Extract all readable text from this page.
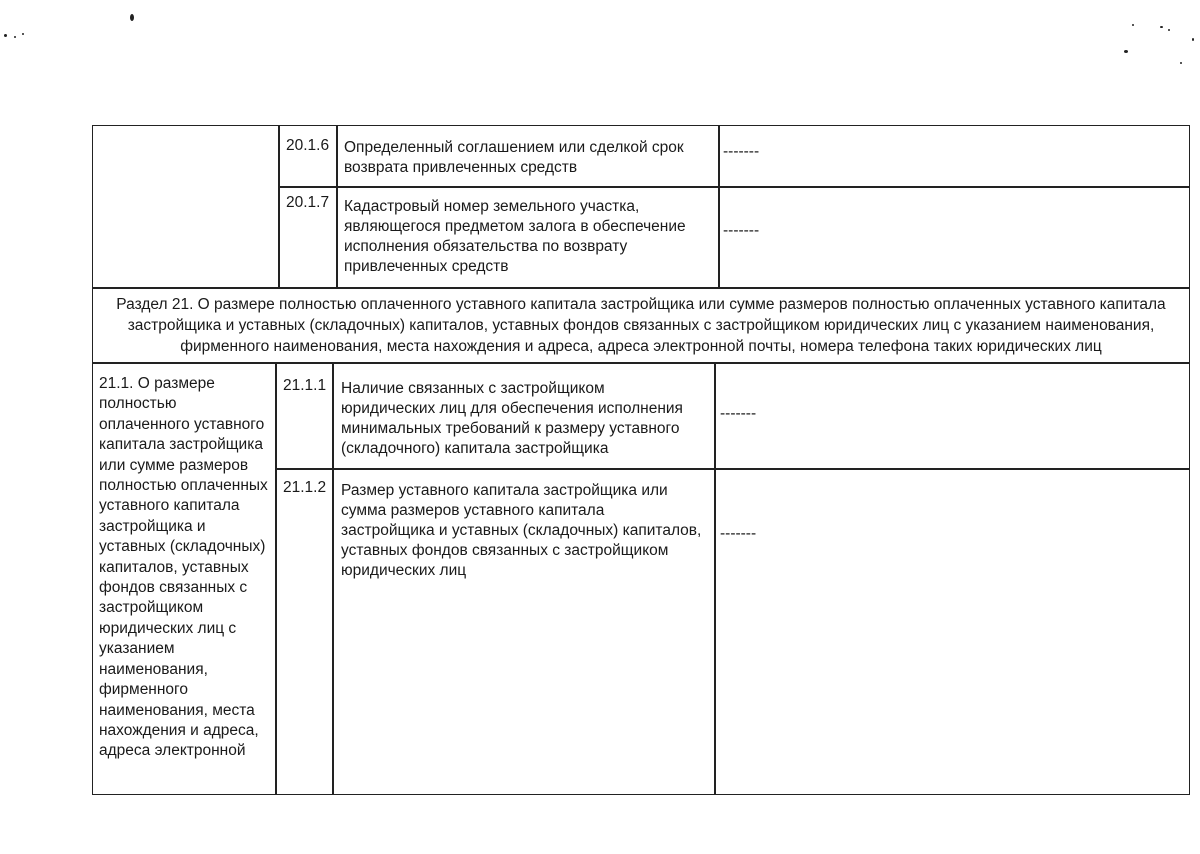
20.1.6 Определенный соглашением или сделкой срок
возврата привлеченных средств
-------
20.1.7 Кадастровый номер земельного участка,
являющегося предметом залога в обеспечение
исполнения обязательства по возврату
привлеченных средств
-------
Раздел 21. О размере полностью оплаченного уставного капитала застройщика или сумме размеров полностью оплаченных уставного капитала
застройщика и уставных (складочных) капиталов, уставных фондов связанных с застройщиком юридических лиц с указанием наименования,
фирменного наименования, места нахождения и адреса, адреса электронной почты, номера телефона таких юридических лиц
21.1. О размере
полностью
оплаченного уставного
капитала застройщика
или сумме размеров
полностью оплаченных
уставного капитала
застройщика и
уставных (складочных)
капиталов, уставных
фондов связанных с
застройщиком
юридических лиц с
указанием
наименования,
фирменного
наименования, места
нахождения и адреса,
адреса электронной
21.1.1 Наличие связанных с застройщиком
юридических лиц для обеспечения исполнения
минимальных требований к размеру уставного
(складочного) капитала застройщика
-------
21.1.2 Размер уставного капитала застройщика или
сумма размеров уставного капитала
застройщика и уставных (складочных) капиталов,
уставных фондов связанных с застройщиком
юридических лиц
-------
